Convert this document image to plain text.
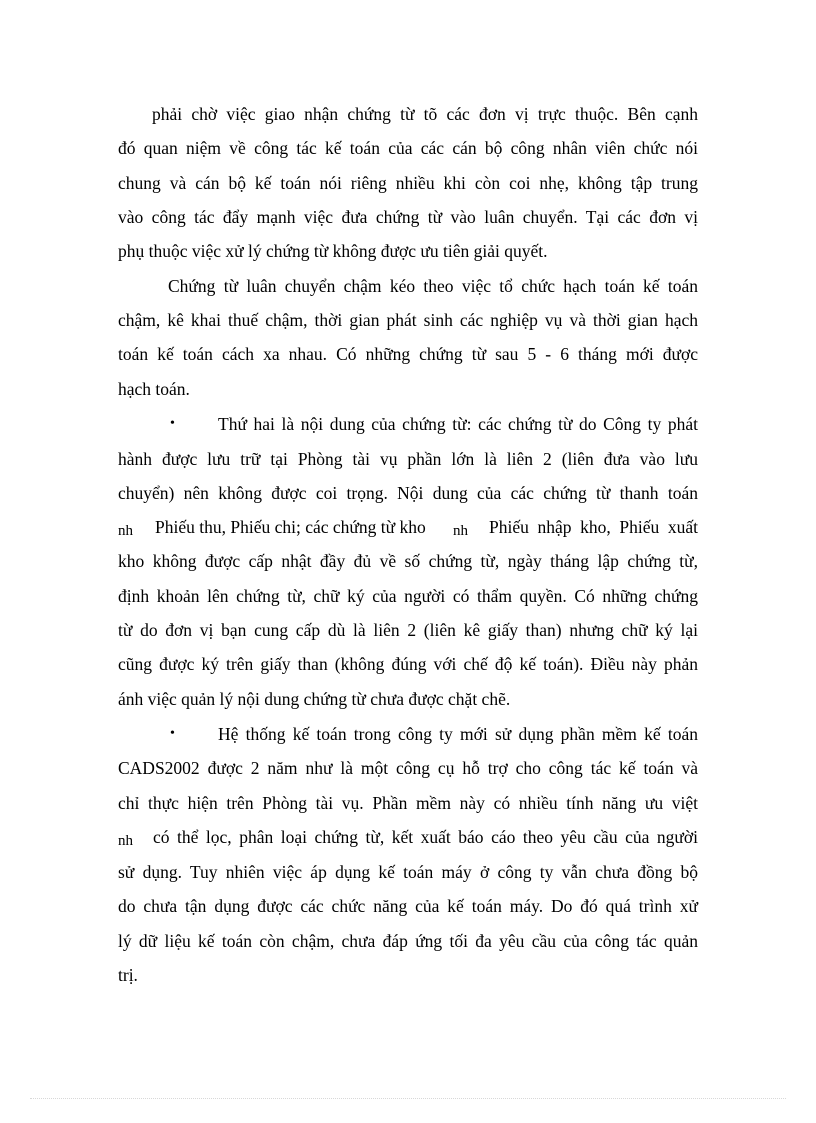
phải chờ việc giao nhận chứng từ tõ các đơn vị trực thuộc. Bên cạnh
đó quan niệm về công tác kế toán của các cán bộ công nhân viên chức nói
chung và cán bộ kế toán nói riêng nhiều khi còn coi nhẹ, không tập trung
vào công tác đẩy mạnh việc đưa chứng từ vào luân chuyển. Tại các đơn vị
phụ thuộc việc xử lý chứng từ không được ưu tiên giải quyết.
Chứng từ luân chuyển chậm kéo theo việc tổ chức hạch toán kế toán
chậm, kê khai thuế chậm, thời gian phát sinh các nghiệp vụ và thời gian hạch
toán kế toán cách xa nhau. Có những chứng từ sau 5 - 6 tháng mới được
hạch toán.
• Thứ hai là nội dung của chứng từ: các chứng từ do Công ty phát
hành được lưu trữ tại Phòng tài vụ phần lớn là liên 2 (liên đưa vào lưu
chuyển) nên không được coi trọng. Nội dung của các chứng từ thanh toán
nh Phiếu thu, Phiếu chi; các chứng từ kho	nh Phiếu nhập kho, Phiếu xuất
kho không được cấp nhật đầy đủ về số chứng từ, ngày tháng lập chứng từ,
định khoản lên chứng từ, chữ ký của người có thẩm quyền. Có những chứng
từ do đơn vị bạn cung cấp dù là liên 2 (liên kê giấy than) nhưng chữ ký lại
cũng được ký trên giấy than (không đúng với chế độ kế toán). Điều này phản
ánh việc quản lý nội dung chứng từ chưa được chặt chẽ.
• Hệ thống kế toán trong công ty mới sử dụng phần mềm kế toán
CADS2002 được 2 năm như là một công cụ hỗ trợ cho công tác kế toán và
chỉ thực hiện trên Phòng tài vụ. Phần mềm này có nhiều tính năng ưu việt
nh có thể lọc, phân loại chứng từ, kết xuất báo cáo theo yêu cầu của người
sử dụng. Tuy nhiên việc áp dụng kế toán máy ở công ty vẫn chưa đồng bộ
do chưa tận dụng được các chức năng của kế toán máy. Do đó quá trình xử
lý dữ liệu kế toán còn chậm, chưa đáp ứng tối đa yêu cầu của công tác quản
trị.
